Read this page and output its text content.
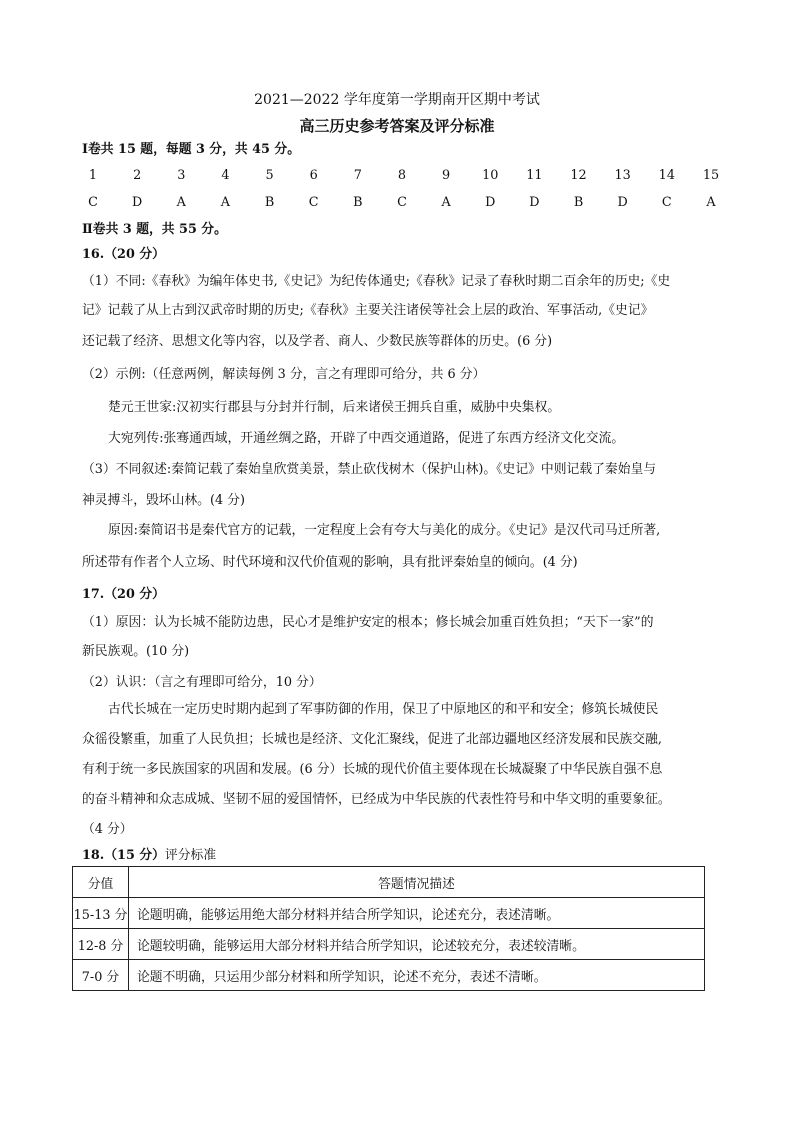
2021—2022 学年度第一学期南开区期中考试
高三历史参考答案及评分标准
Ⅰ卷共 15 题，每题 3 分，共 45 分。
1	2	3	4	5	6	7	8	9	10 11 12 13 14 15
C	D	A	A	B	C	B	C	A	D	D	B	D	C	A
Ⅱ卷共 3 题，共 55 分。
16.（20 分）
（1）不同:《春秋》为编年体史书,《史记》为纪传体通史;《春秋》记录了春秋时期二百余年的历史;《史
记》记载了从上古到汉武帝时期的历史;《春秋》主要关注诸侯等社会上层的政治、军事活动,《史记》
还记载了经济、思想文化等内容，以及学者、商人、少数民族等群体的历史。(6 分)
（2）示例:（任意两例，解读每例 3 分，言之有理即可给分，共 6 分）
楚元王世家:汉初实行郡县与分封并行制，后来诸侯王拥兵自重，威胁中央集权。
大宛列传:张骞通西域，开通丝绸之路，开辟了中西交通道路，促进了东西方经济文化交流。
（3）不同叙述:秦简记载了秦始皇欣赏美景，禁止砍伐树木（保护山林)。《史记》中则记载了秦始皇与
神灵搏斗，毁坏山林。(4 分)
原因:秦简诏书是秦代官方的记载，一定程度上会有夸大与美化的成分。《史记》是汉代司马迁所著,
所述带有作者个人立场、时代环境和汉代价值观的影响，具有批评秦始皇的倾向。(4 分)
17.（20 分）
（1）原因：认为长城不能防边患，民心才是维护安定的根本；修长城会加重百姓负担；“天下一家”的
新民族观。(10 分)
（2）认识：（言之有理即可给分，10 分）
古代长城在一定历史时期内起到了军事防御的作用，保卫了中原地区的和平和安全；修筑长城使民
众徭役繁重，加重了人民负担；长城也是经济、文化汇聚线，促进了北部边疆地区经济发展和民族交融,
有利于统一多民族国家的巩固和发展。(6 分）长城的现代价值主要体现在长城凝聚了中华民族自强不息
的奋斗精神和众志成城、坚韧不屈的爱国情怀，已经成为中华民族的代表性符号和中华文明的重要象征。
（4 分）
18.（15 分）评分标准
分值	答题情况描述
15-13 分	论题明确，能够运用绝大部分材料并结合所学知识，论述充分，表述清晰。
12-8 分	论题较明确，能够运用大部分材料并结合所学知识，论述较充分，表述较清晰。
7-0 分	论题不明确，只运用少部分材料和所学知识，论述不充分，表述不清晰。
